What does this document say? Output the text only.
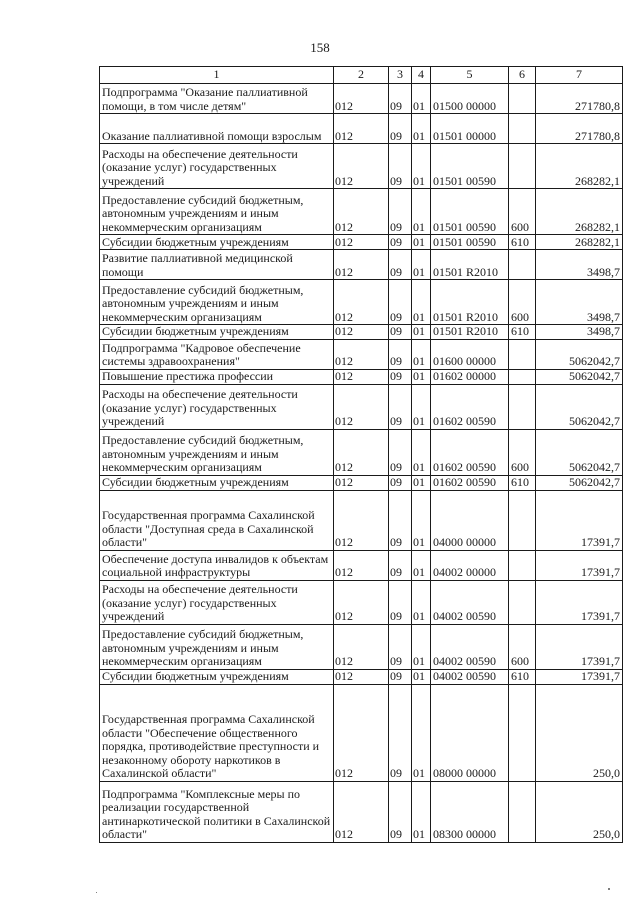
158
1	2	3	4	5	6	7
Подпрограмма "Оказание паллиативной помощи, в том числе детям"	012	09	01	01500 00000		271780,8
Оказание паллиативной помощи взрослым	012	09	01	01501 00000		271780,8
Расходы на обеспечение деятельности (оказание услуг) государственных учреждений	012	09	01	01501 00590		268282,1
Предоставление субсидий бюджетным, автономным учреждениям и иным некоммерческим организациям	012	09	01	01501 00590	600	268282,1
Субсидии бюджетным учреждениям	012	09	01	01501 00590	610	268282,1
Развитие паллиативной медицинской помощи	012	09	01	01501 R2010		3498,7
Предоставление субсидий бюджетным, автономным учреждениям и иным некоммерческим организациям	012	09	01	01501 R2010	600	3498,7
Субсидии бюджетным учреждениям	012	09	01	01501 R2010	610	3498,7
Подпрограмма "Кадровое обеспечение системы здравоохранения"	012	09	01	01600 00000		5062042,7
Повышение престижа профессии	012	09	01	01602 00000		5062042,7
Расходы на обеспечение деятельности (оказание услуг) государственных учреждений	012	09	01	01602 00590		5062042,7
Предоставление субсидий бюджетным, автономным учреждениям и иным некоммерческим организациям	012	09	01	01602 00590	600	5062042,7
Субсидии бюджетным учреждениям	012	09	01	01602 00590	610	5062042,7
Государственная программа Сахалинской области "Доступная среда в Сахалинской области"	012	09	01	04000 00000		17391,7
Обеспечение доступа инвалидов к объектам социальной инфраструктуры	012	09	01	04002 00000		17391,7
Расходы на обеспечение деятельности (оказание услуг) государственных учреждений	012	09	01	04002 00590		17391,7
Предоставление субсидий бюджетным, автономным учреждениям и иным некоммерческим организациям	012	09	01	04002 00590	600	17391,7
Субсидии бюджетным учреждениям	012	09	01	04002 00590	610	17391,7
Государственная программа Сахалинской области "Обеспечение общественного порядка, противодействие преступности и незаконному обороту наркотиков в Сахалинской области"	012	09	01	08000 00000		250,0
Подпрограмма "Комплексные меры по реализации государственной антинаркотической политики в Сахалинской области"	012	09	01	08300 00000		250,0
